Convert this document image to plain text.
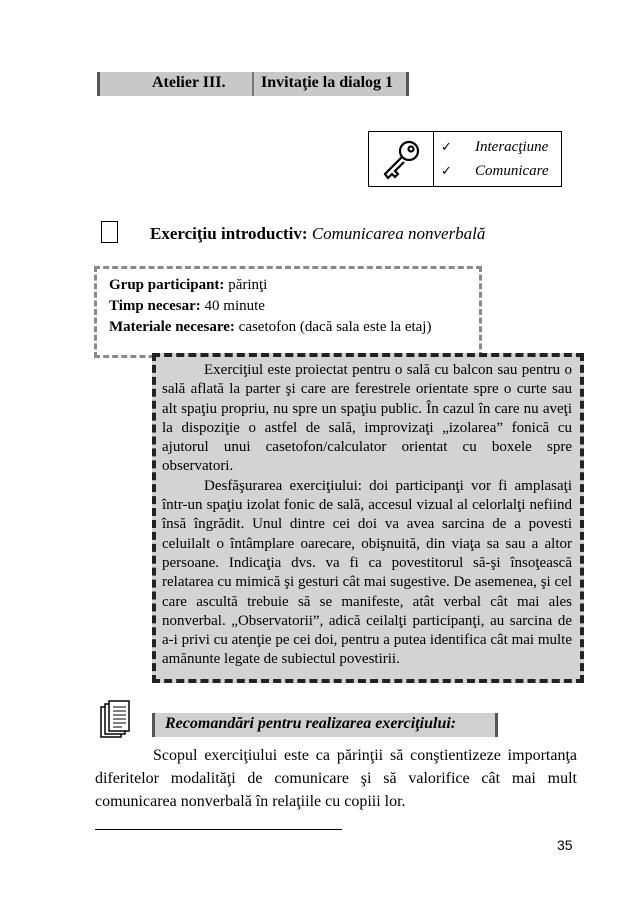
Atelier III. Invitaţie la dialog 1
✓ Interacţiune
✓ Comunicare
Exerciţiu introductiv: Comunicarea nonverbală
Grup participant: părinţi
Timp necesar: 40 minute
Materiale necesare: casetofon (dacă sala este la etaj)

Exerciţiul este proiectat pentru o sală cu balcon sau pentru o sală aflată la parter şi care are ferestrele orientate spre o curte sau alt spaţiu propriu, nu spre un spaţiu public. În cazul în care nu aveţi la dispoziţie o astfel de sală, improvizaţi „izolarea” fonică cu ajutorul unui casetofon/calculator orientat cu boxele spre observatori.

Desfăşurarea exerciţiului: doi participanţi vor fi amplasaţi într-un spaţiu izolat fonic de sală, accesul vizual al celorlalţi nefiind însă îngrădit. Unul dintre cei doi va avea sarcina de a povesti celuilalt o întâmplare oarecare, obişnuită, din viaţa sa sau a altor persoane. Indicaţia dvs. va fi ca povestitorul să-şi însoţească relatarea cu mimică şi gesturi cât mai sugestive. De asemenea, şi cel care ascultă trebuie să se manifeste, atât verbal cât mai ales nonverbal. „Observatorii”, adică ceilalţi participanţi, au sarcina de a-i privi cu atenţie pe cei doi, pentru a putea identifica cât mai multe amănunte legate de subiectul povestirii.

Recomandări pentru realizarea exerciţiului:

Scopul exerciţiului este ca părinţii să conştientizeze importanţa diferitelor modalităţi de comunicare şi să valorifice cât mai mult comunicarea nonverbală în relaţiile cu copiii lor.

35
